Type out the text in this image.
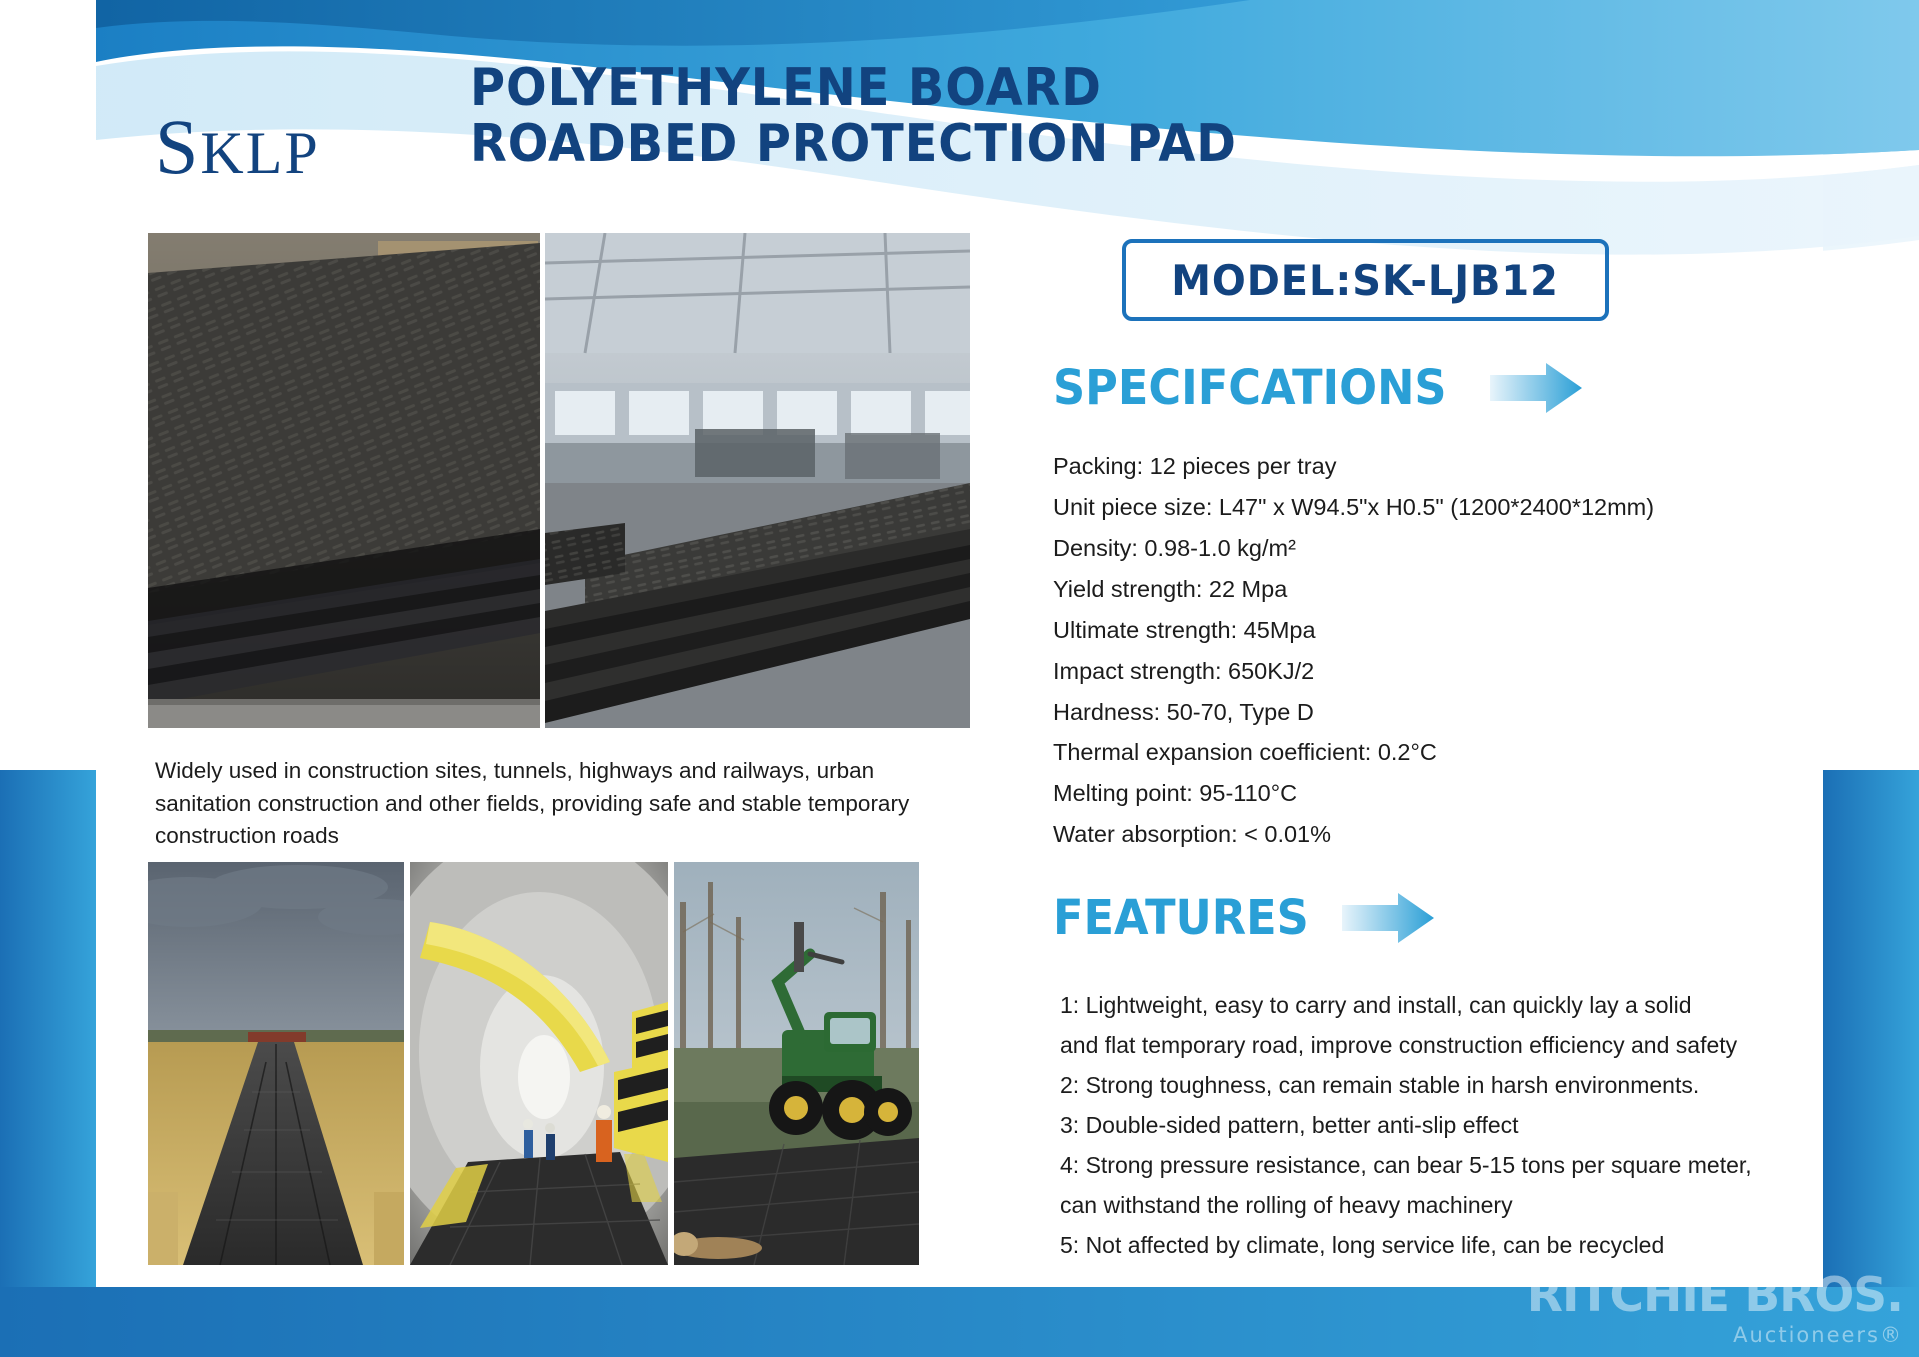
SKLP
POLYETHYLENE BOARD
ROADBED PROTECTION PAD
Widely used in construction sites, tunnels, highways and railways, urban sanitation construction and other fields, providing safe and stable temporary construction roads
MODEL:SK-LJB12
SPECIFCATIONS
Packing: 12 pieces per tray
Unit piece size: L47" x W94.5"x H0.5" (1200*2400*12mm)
Density: 0.98-1.0 kg/m²
Yield strength: 22 Mpa
Ultimate strength: 45Mpa
Impact strength: 650KJ/2
Hardness: 50-70, Type D
Thermal expansion coefficient: 0.2°C
Melting point: 95-110°C
Water absorption: < 0.01%
FEATURES
1: Lightweight, easy to carry and install, can quickly lay a solid
and flat temporary road, improve construction efficiency and safety
2: Strong toughness, can remain stable in harsh environments.
3: Double-sided pattern, better anti-slip effect
4: Strong pressure resistance, can bear 5-15 tons per square meter,
can withstand the rolling of heavy machinery
5: Not affected by climate, long service life, can be recycled
RITCHIE BROS.
Auctioneers®
